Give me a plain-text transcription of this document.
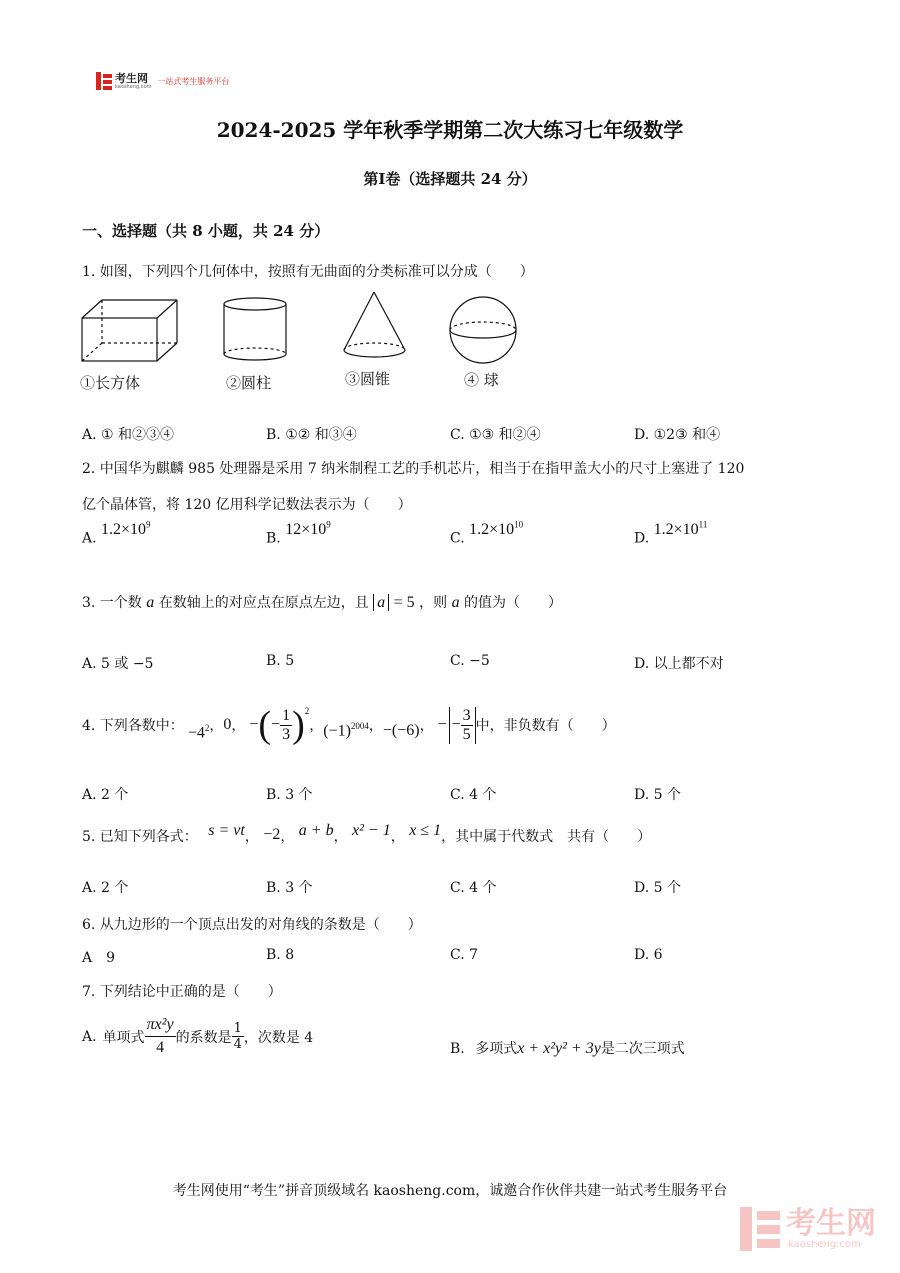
考生网
kaosheng.com
一站式考生服务平台
2024-2025 学年秋季学期第二次大练习七年级数学
第Ⅰ卷（选择题共 24 分）
一、选择题（共 8 小题，共 24 分）
1. 如图，下列四个几何体中，按照有无曲面的分类标准可以分成（　　）
①长方体	②圆柱	③圆锥	④ 球
A. ① 和②③④	B. ①② 和③④	C. ①③ 和②④	D. ①2③ 和④
2. 中国华为麒麟 985 处理器是采用 7 纳米制程工艺的手机芯片，相当于在指甲盖大小的尺寸上塞进了 120
亿个晶体管，将 120 亿用科学记数法表示为（　　）
A. $1.2\times 10^9$
B. $12\times 10^9$
C. $1.2\times 10^{10}$
D. $1.2\times 10^{11}$
3. 一个数 a 在数轴上的对应点在原点左边，且 a = 5 ，则 a 的值为（　　）
A. 5 或 −5	B. 5	C. −5	D. 以上都不对
4. 下列各数中： $-4^2$ ， 0 ， − ( − $\frac{1}{3} )^2$
， $(-1)^{2004}$ ， −(−6) ， − − $\frac{3}{5}$ 中，非负数有（　　）
A. 2 个	B. 3 个	C. 4 个	D. 5 个
5. 已知下列各式： s = vt， −2， a + b， x² − 1， x ≤ 1，其中属于代数式　共有（　　）
A. 2 个	B. 3 个	C. 4 个	D. 5 个
6. 从九边形的一个顶点出发的对角线的条数是（　　）
A　9	B. 8	C. 7	D. 6
7. 下列结论中正确的是（　　）
A. 单项式 $\frac{\text{πx²y}}{4}$ 的系数是 $\frac{1}{4}$ ，次数是 4
B. 多项式x + x²y² + 3y是二次三项式
考生网使用“考生”拼音顶级域名 kaosheng.com，诚邀合作伙伴共建一站式考生服务平台
考生网
kaosheng.com
